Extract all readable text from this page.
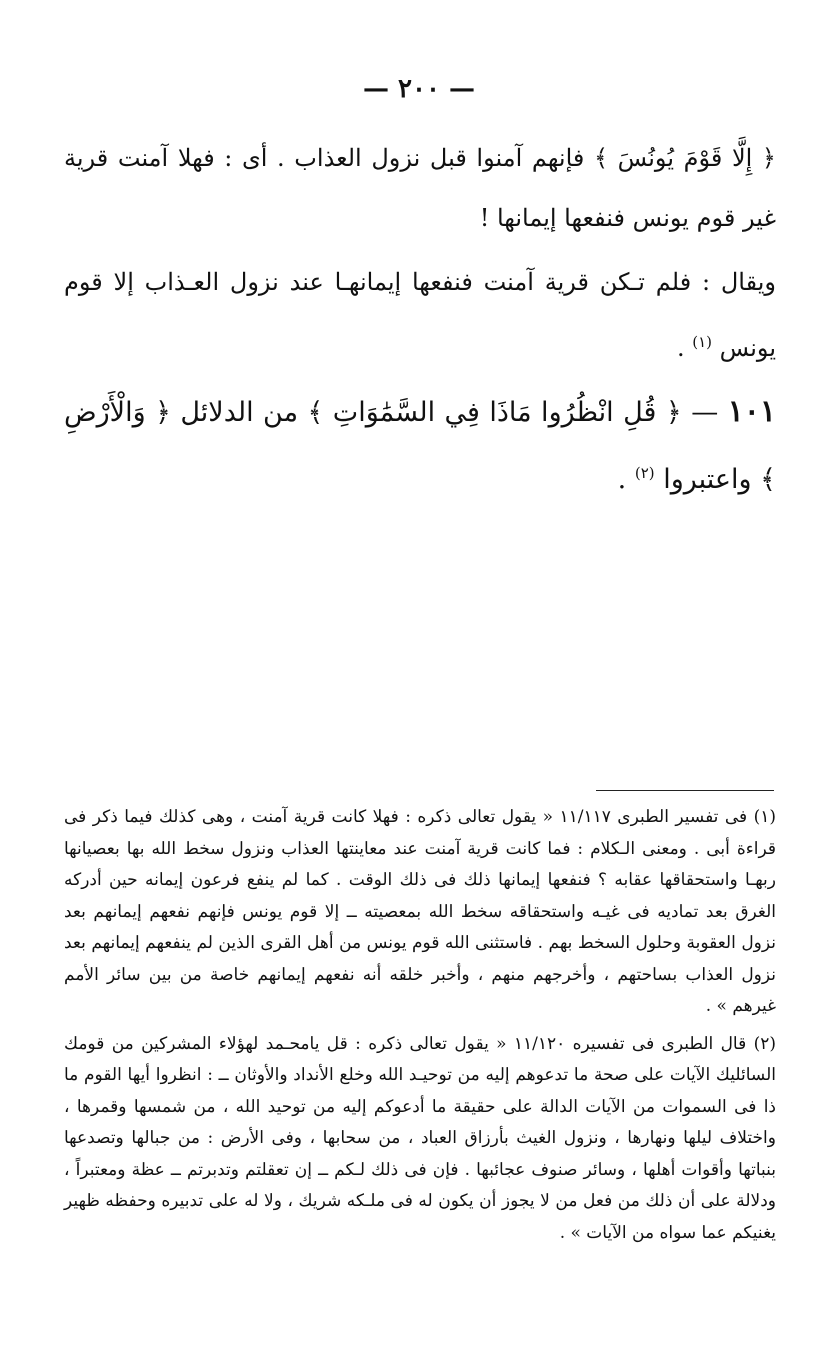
— ٢٠٠ —

﴿ إِلَّا قَوْمَ يُونُسَ ﴾ فإنهم آمنوا قبل نزول العذاب . أى : فهلا آمنت قرية غير قوم يونس فنفعها إيمانها !

ويقال : فلم تـكن قرية آمنت فنفعها إيمانهـا عند نزول العـذاب إلا قوم يونس $^{(١)}$ .

١٠١ — ﴿ قُلِ انْظُرُوا مَاذَا فِي السَّمَٰوَاتِ ﴾ من الدلائل ﴿ وَالْأَرْضِ ﴾ واعتبروا $^{(٢)}$ .

(١) فى تفسير الطبرى ١١/١١٧ « يقول تعالى ذكره : فهلا كانت قرية آمنت ، وهى كذلك فيما ذكر فى قراءة أبى . ومعنى الـكلام : فما كانت قرية آمنت عند معاينتها العذاب ونزول سخط الله بها بعصيانها ربهـا واستحقاقها عقابه ؟ فنفعها إيمانها ذلك فى ذلك الوقت . كما لم ينفع فرعون إيمانه حين أدركه الغرق بعد تماديه فى غيـه واستحقاقه سخط الله بمعصيته ــ إلا قوم يونس فإنهم نفعهم إيمانهم بعد نزول العقوبة وحلول السخط بهم . فاستثنى الله قوم يونس من أهل القرى الذين لم ينفعهم إيمانهم بعد نزول العذاب بساحتهم ، وأخرجهم منهم ، وأخبر خلقه أنه نفعهم إيمانهم خاصة من بين سائر الأمم غيرهم » .

(٢) قال الطبرى فى تفسيره ١١/١٢٠ « يقول تعالى ذكره : قل يامحـمد لهؤلاء المشركين من قومك السائليك الآيات على صحة ما تدعوهم إليه من توحيـد الله وخلع الأنداد والأوثان ــ : انظروا أيها القوم ما ذا فى السموات من الآيات الدالة على حقيقة ما أدعوكم إليه من توحيد الله ، من شمسها وقمرها ، واختلاف ليلها ونهارها ، ونزول الغيث بأرزاق العباد ، من سحابها ، وفى الأرض : من جبالها وتصدعها بنباتها وأقوات أهلها ، وسائر صنوف عجائبها . فإن فى ذلك لـكم ــ إن تعقلتم وتدبرتم ــ عظة ومعتبراً ، ودلالة على أن ذلك من فعل من لا يجوز أن يكون له فى ملـكه شريك ، ولا له على تدبيره وحفظه ظهير يغنيكم عما سواه من الآيات » .
